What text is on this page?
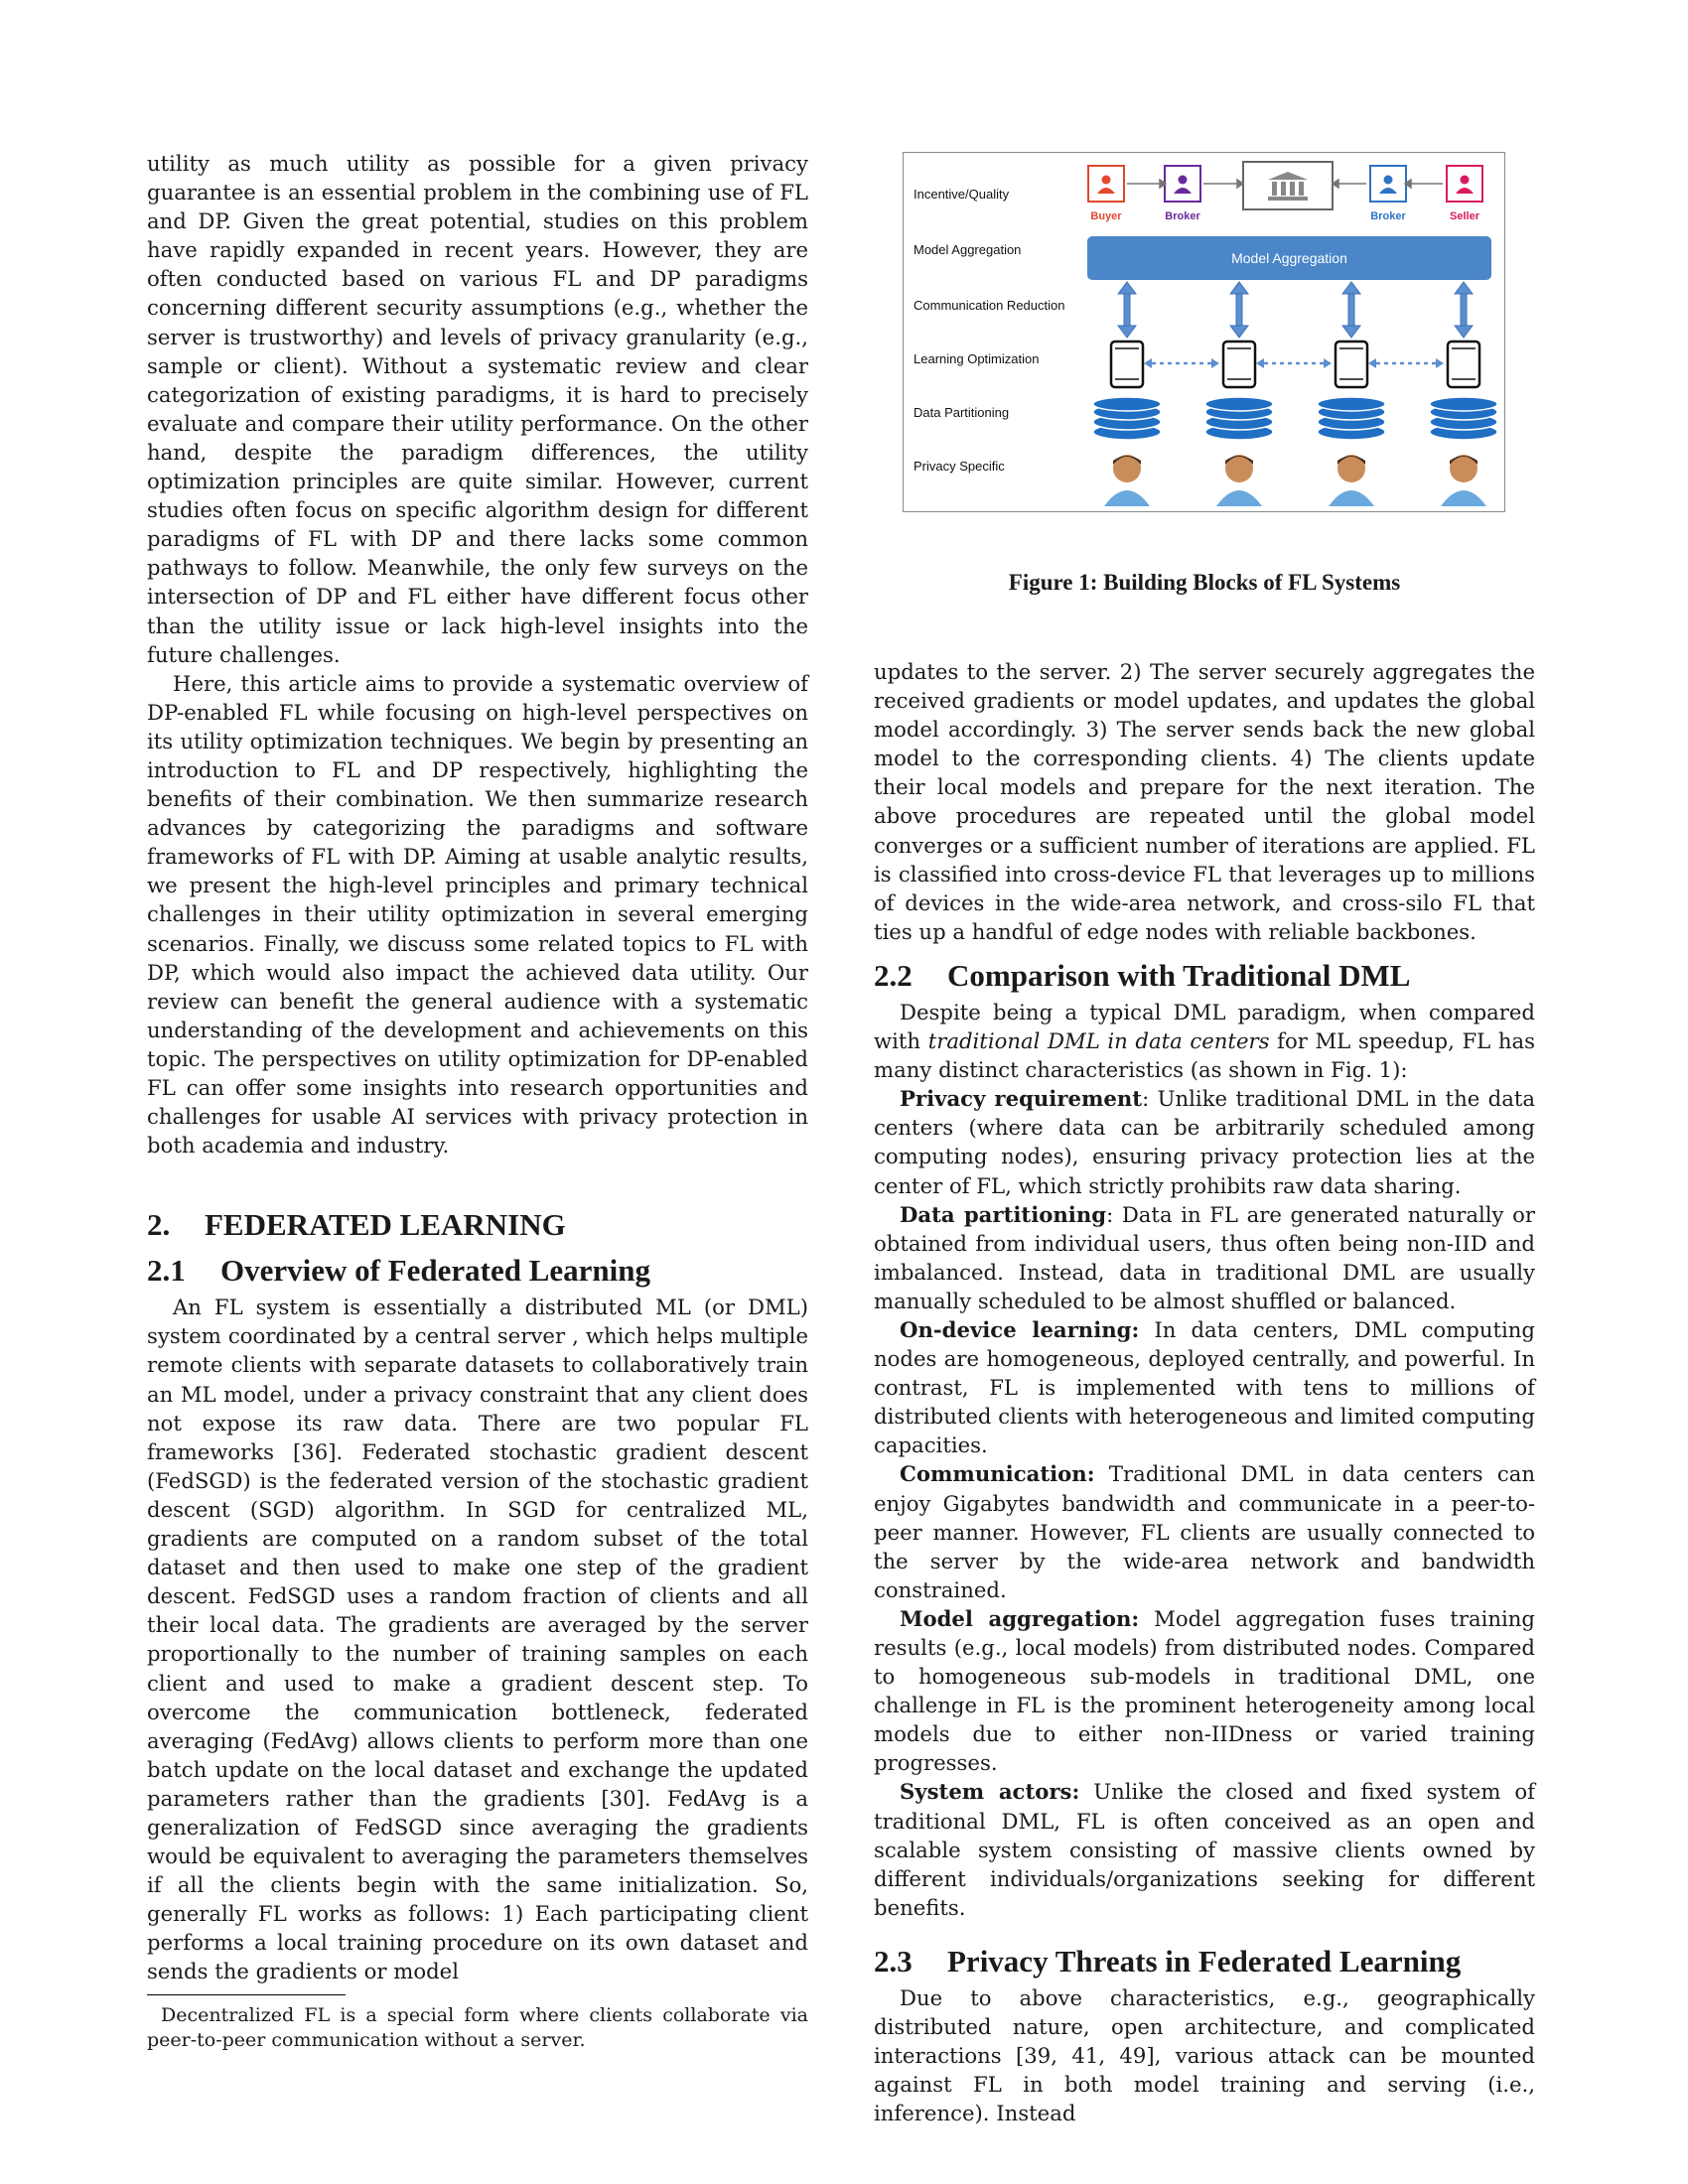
utility as much utility as possible for a given privacy guarantee is an essential problem in the combining use of FL and DP. Given the great potential, studies on this problem have rapidly expanded in recent years. However, they are often conducted based on various FL and DP paradigms concerning different security assumptions (e.g., whether the server is trustworthy) and levels of privacy granularity (e.g., sample or client). Without a systematic review and clear categorization of existing paradigms, it is hard to precisely evaluate and compare their utility performance. On the other hand, despite the paradigm differences, the utility optimization principles are quite similar. However, current studies often focus on specific algorithm design for different paradigms of FL with DP and there lacks some common pathways to follow. Meanwhile, the only few surveys on the intersection of DP and FL either have different focus other than the utility issue or lack high-level insights into the future challenges.

Here, this article aims to provide a systematic overview of DP-enabled FL while focusing on high-level perspectives on its utility optimization techniques. We begin by presenting an introduction to FL and DP respectively, highlighting the benefits of their combination. We then summarize research advances by categorizing the paradigms and software frameworks of FL with DP. Aiming at usable analytic results, we present the high-level principles and primary technical challenges in their utility optimization in several emerging scenarios. Finally, we discuss some related topics to FL with DP, which would also impact the achieved data utility. Our review can benefit the general audience with a systematic understanding of the development and achievements on this topic. The perspectives on utility optimization for DP-enabled FL can offer some insights into research opportunities and challenges for usable AI services with privacy protection in both academia and industry.

2. FEDERATED LEARNING
2.1 Overview of Federated Learning

An FL system is essentially a distributed ML (or DML) system coordinated by a central server , which helps multiple remote clients with separate datasets to collaboratively train an ML model, under a privacy constraint that any client does not expose its raw data. There are two popular FL frameworks [36]. Federated stochastic gradient descent (FedSGD) is the federated version of the stochastic gradient descent (SGD) algorithm. In SGD for centralized ML, gradients are computed on a random subset of the total dataset and then used to make one step of the gradient descent. FedSGD uses a random fraction of clients and all their local data. The gradients are averaged by the server proportionally to the number of training samples on each client and used to make a gradient descent step. To overcome the communication bottleneck, federated averaging (FedAvg) allows clients to perform more than one batch update on the local dataset and exchange the updated parameters rather than the gradients [30]. FedAvg is a generalization of FedSGD since averaging the gradients would be equivalent to averaging the parameters themselves if all the clients begin with the same initialization. So, generally FL works as follows: 1) Each participating client performs a local training procedure on its own dataset and sends the gradients or model

Decentralized FL is a special form where clients collaborate via peer-to-peer communication without a server.

Incentive/Quality
Model Aggregation
Communication Reduction
Learning Optimization
Data Partitioning
Privacy Specific
Buyer	Broker	Broker	Seller
Model Aggregation
Figure 1: Building Blocks of FL Systems

updates to the server. 2) The server securely aggregates the received gradients or model updates, and updates the global model accordingly. 3) The server sends back the new global model to the corresponding clients. 4) The clients update their local models and prepare for the next iteration. The above procedures are repeated until the global model converges or a sufficient number of iterations are applied. FL is classified into cross-device FL that leverages up to millions of devices in the wide-area network, and cross-silo FL that ties up a handful of edge nodes with reliable backbones.

2.2 Comparison with Traditional DML

Despite being a typical DML paradigm, when compared with traditional DML in data centers for ML speedup, FL has many distinct characteristics (as shown in Fig. 1):

Privacy requirement: Unlike traditional DML in the data centers (where data can be arbitrarily scheduled among computing nodes), ensuring privacy protection lies at the center of FL, which strictly prohibits raw data sharing.

Data partitioning: Data in FL are generated naturally or obtained from individual users, thus often being non-IID and imbalanced. Instead, data in traditional DML are usually manually scheduled to be almost shuffled or balanced.

On-device learning: In data centers, DML computing nodes are homogeneous, deployed centrally, and powerful. In contrast, FL is implemented with tens to millions of distributed clients with heterogeneous and limited computing capacities.

Communication: Traditional DML in data centers can enjoy Gigabytes bandwidth and communicate in a peer-to-peer manner. However, FL clients are usually connected to the server by the wide-area network and bandwidth constrained.

Model aggregation: Model aggregation fuses training results (e.g., local models) from distributed nodes. Compared to homogeneous sub-models in traditional DML, one challenge in FL is the prominent heterogeneity among local models due to either non-IIDness or varied training progresses.

System actors: Unlike the closed and fixed system of traditional DML, FL is often conceived as an open and scalable system consisting of massive clients owned by different individuals/organizations seeking for different benefits.

2.3 Privacy Threats in Federated Learning

Due to above characteristics, e.g., geographically distributed nature, open architecture, and complicated interactions [39, 41, 49], various attack can be mounted against FL in both model training and serving (i.e., inference). Instead
